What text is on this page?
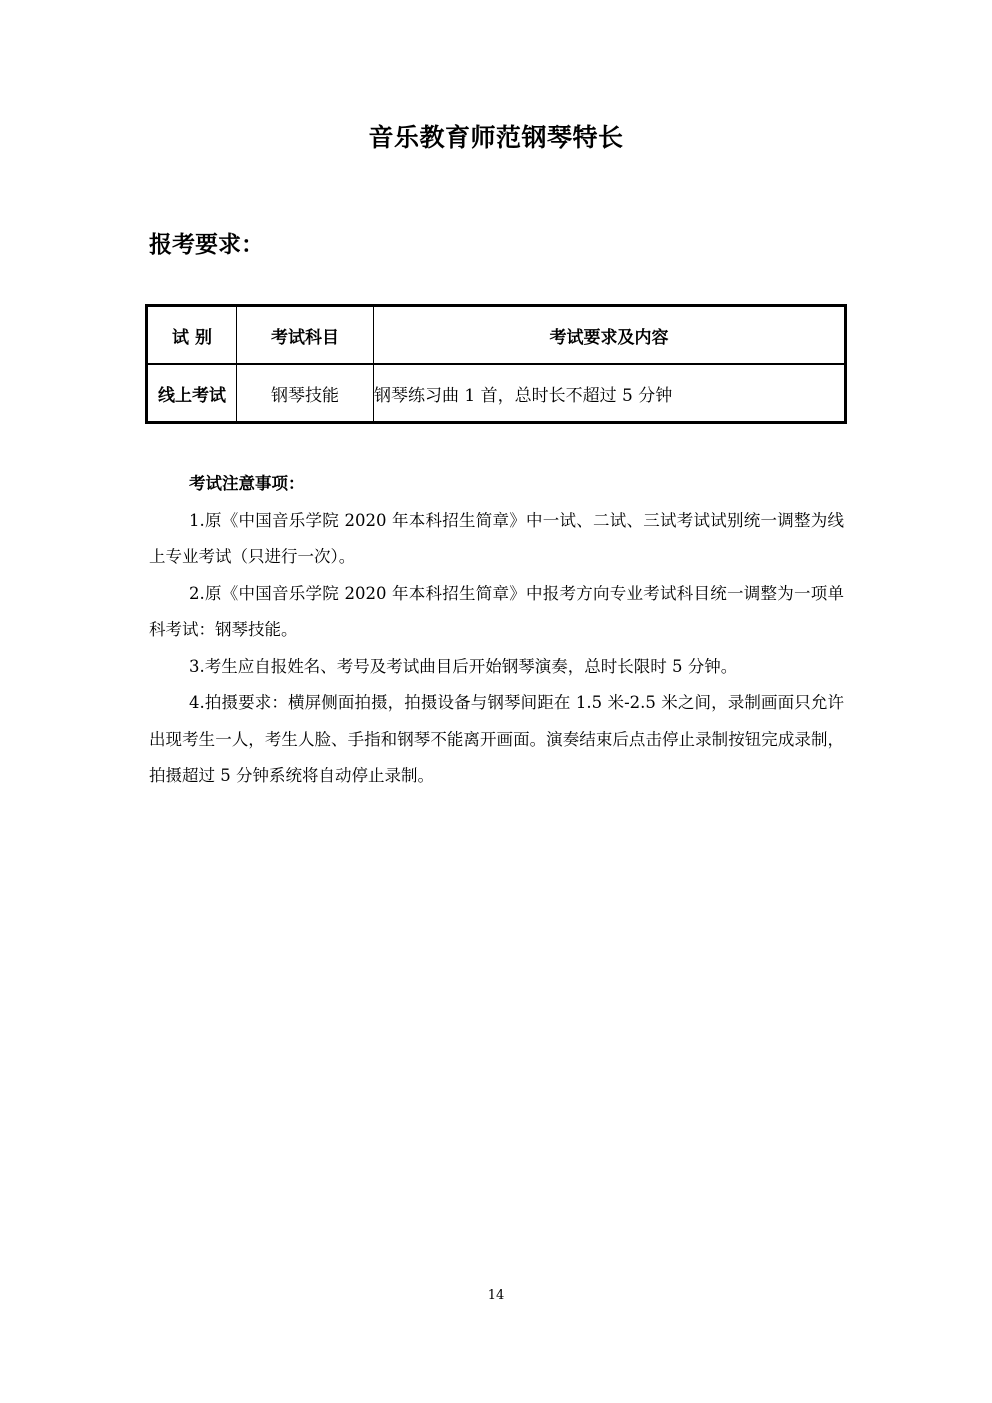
音乐教育师范钢琴特长
报考要求：
试 别	考试科目	考试要求及内容
线上考试	钢琴技能	钢琴练习曲 1 首，总时长不超过 5 分钟

考试注意事项：

1.原《中国音乐学院 2020 年本科招生简章》中一试、二试、三试考试试别统一调整为线上专业考试（只进行一次）。

2.原《中国音乐学院 2020 年本科招生简章》中报考方向专业考试科目统一调整为一项单科考试：钢琴技能。

3.考生应自报姓名、考号及考试曲目后开始钢琴演奏，总时长限时 5 分钟。

4.拍摄要求：横屏侧面拍摄，拍摄设备与钢琴间距在 1.5 米-2.5 米之间，录制画面只允许出现考生一人，考生人脸、手指和钢琴不能离开画面。演奏结束后点击停止录制按钮完成录制，拍摄超过 5 分钟系统将自动停止录制。

14
